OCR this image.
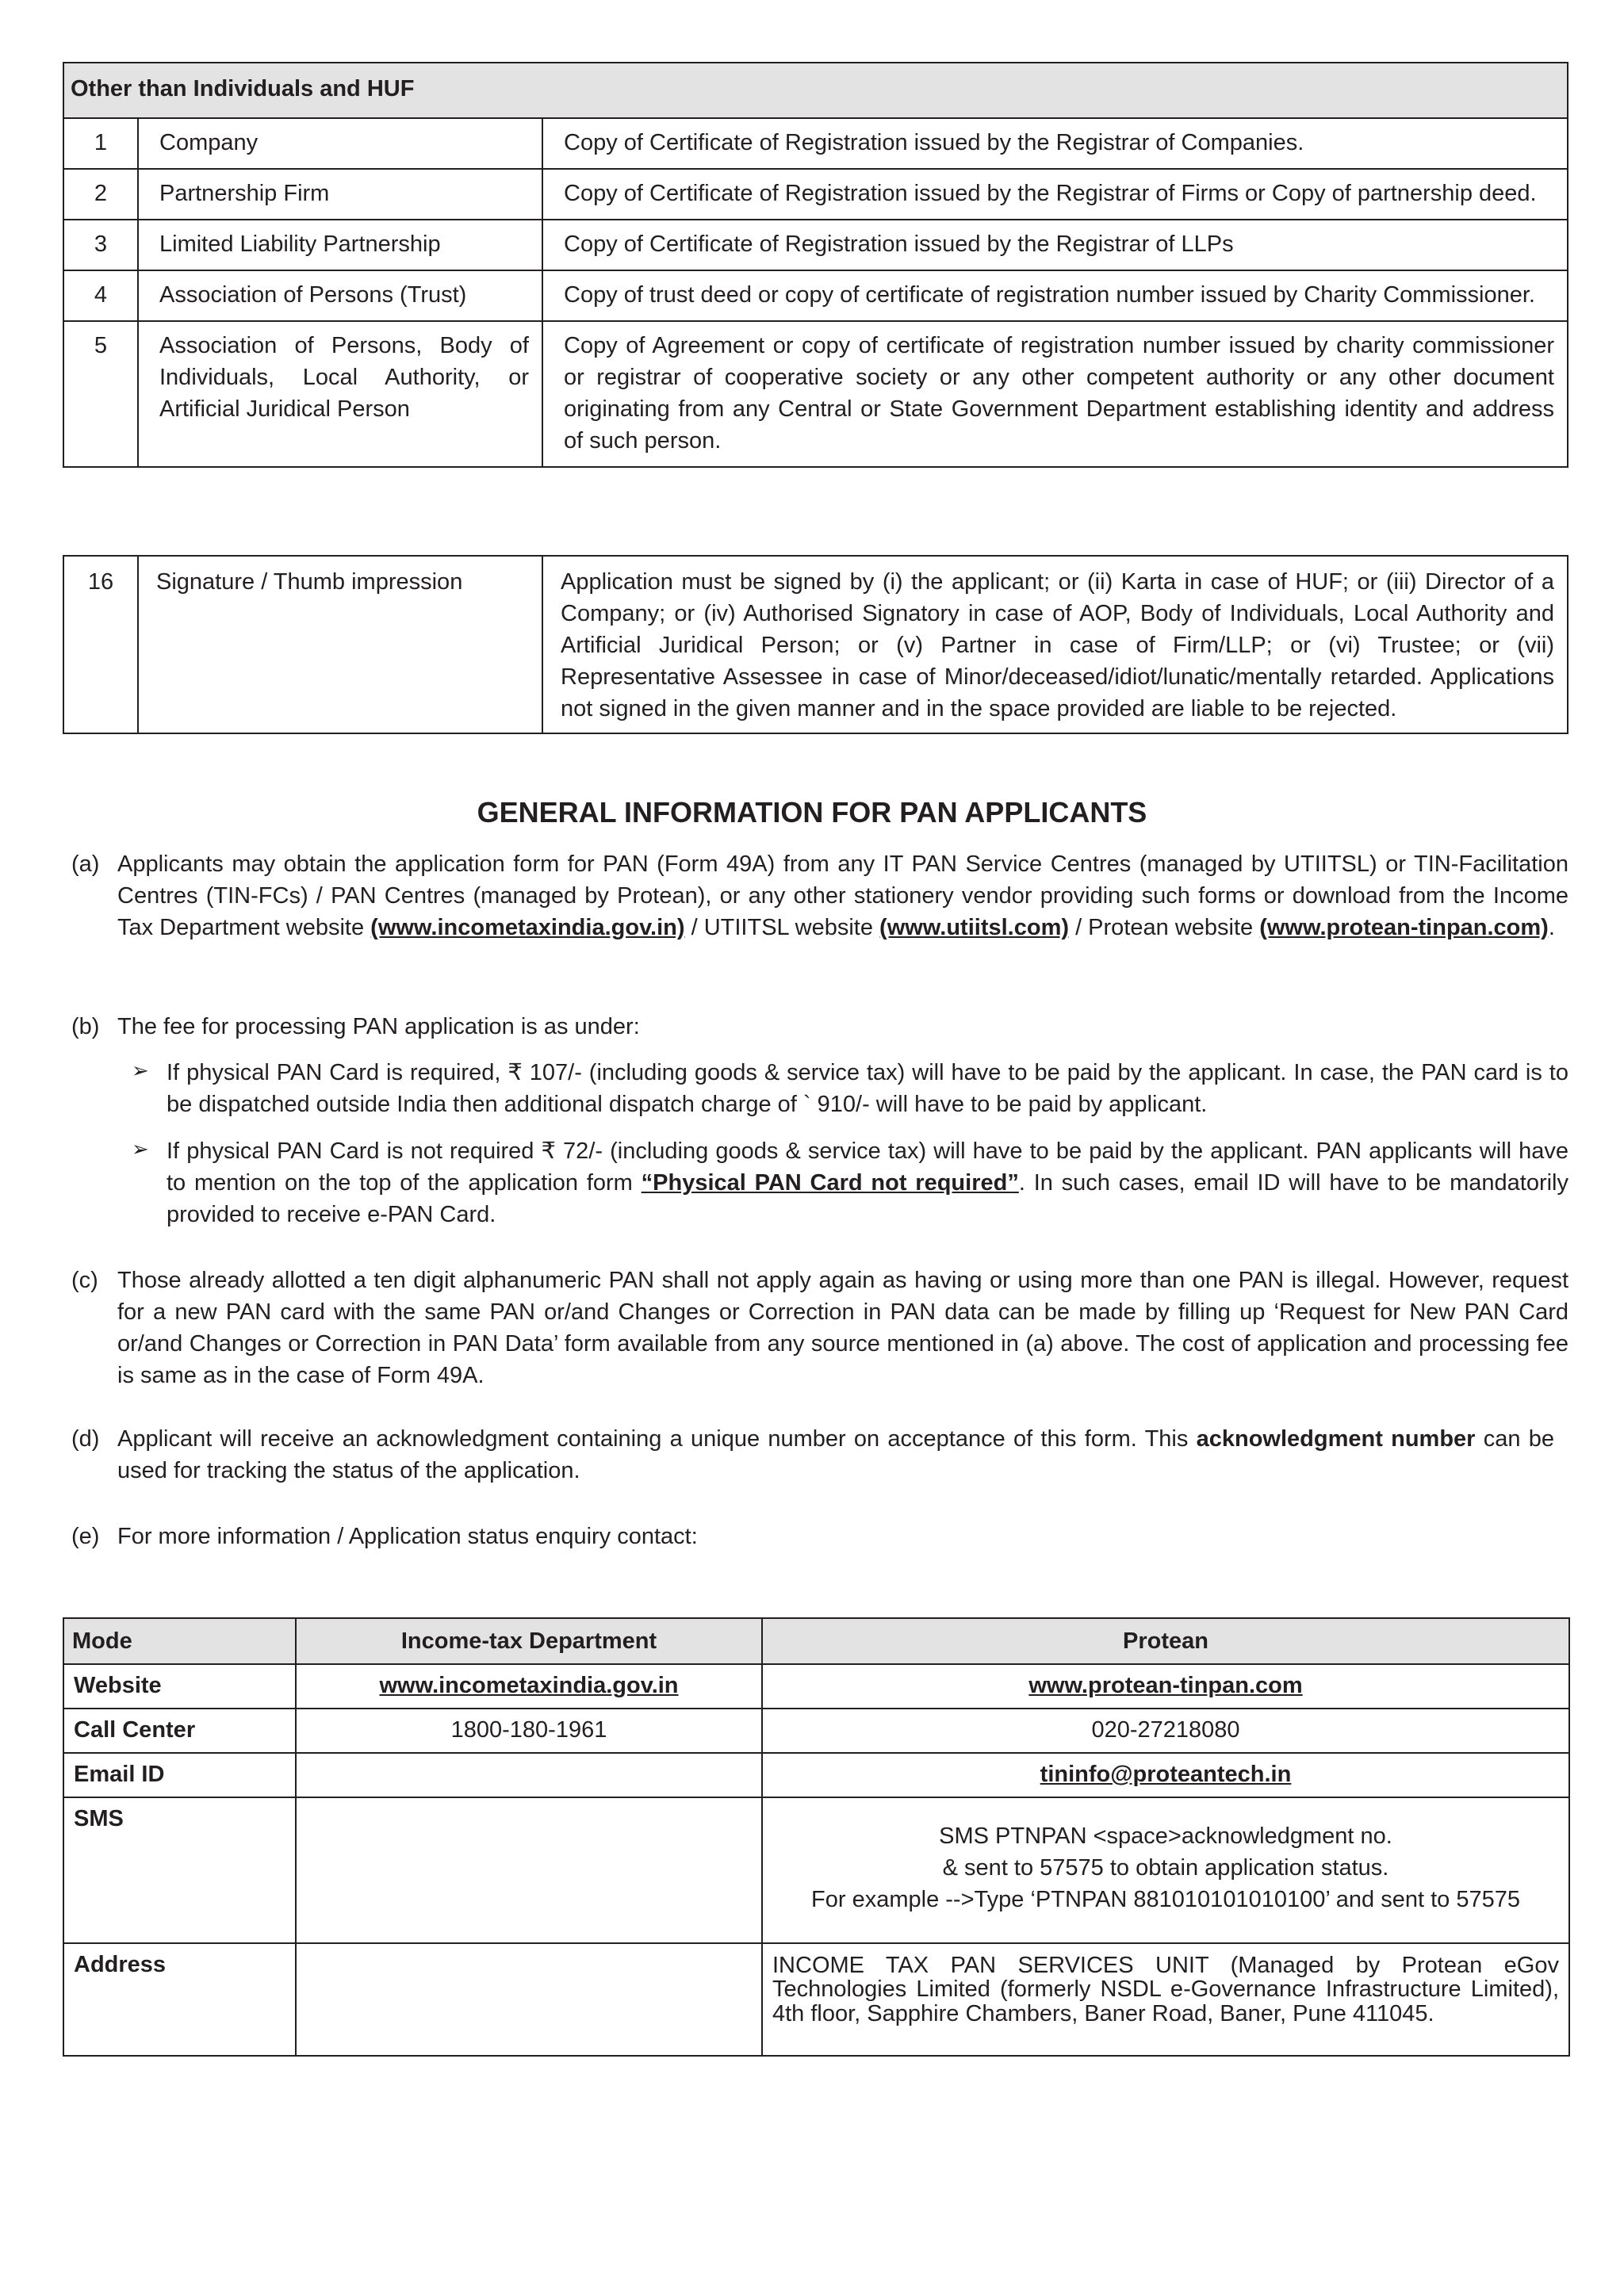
Other than Individuals and HUF		
1	Company	Copy of Certificate of Registration issued by the Registrar of Companies.
2	Partnership Firm	Copy of Certificate of Registration issued by the Registrar of Firms or Copy of partnership deed.
3	Limited Liability Partnership	Copy of Certificate of Registration issued by the Registrar of LLPs
4	Association of Persons (Trust)	Copy of trust deed or copy of certificate of registration number issued by Charity Commissioner.
5	Association of Persons, Body of Individuals, Local Authority, or Artificial Juridical Person	Copy of Agreement or copy of certificate of registration number issued by charity commissioner or registrar of cooperative society or any other competent authority or any other document originating from any Central or State Government Department establishing identity and address of such person.
16	Signature / Thumb impression	Application must be signed by (i) the applicant; or (ii) Karta in case of HUF; or (iii) Director of a Company; or (iv) Authorised Signatory in case of AOP, Body of Individuals, Local Authority and Artificial Juridical Person; or (v) Partner in case of Firm/LLP; or (vi) Trustee; or (vii) Representative Assessee in case of Minor/deceased/idiot/lunatic/mentally retarded. Applications not signed in the given manner and in the space provided are liable to be rejected.
GENERAL INFORMATION FOR PAN APPLICANTS
(a) Applicants may obtain the application form for PAN (Form 49A) from any IT PAN Service Centres (managed by UTIITSL) or TIN-Facilitation Centres (TIN-FCs) / PAN Centres (managed by Protean), or any other stationery vendor providing such forms or download from the Income Tax Department website (www.incometaxindia.gov.in) / UTIITSL website (www.utiitsl.com) / Protean website (www.protean-tinpan.com).
(b) The fee for processing PAN application is as under:
➢ If physical PAN Card is required, ₹ 107/- (including goods & service tax) will have to be paid by the applicant. In case, the PAN card is to be dispatched outside India then additional dispatch charge of ` 910/- will have to be paid by applicant.
➢ If physical PAN Card is not required ₹ 72/- (including goods & service tax) will have to be paid by the applicant. PAN applicants will have to mention on the top of the application form “Physical PAN Card not required”. In such cases, email ID will have to be mandatorily provided to receive e-PAN Card.
(c) Those already allotted a ten digit alphanumeric PAN shall not apply again as having or using more than one PAN is illegal. However, request for a new PAN card with the same PAN or/and Changes or Correction in PAN data can be made by filling up ‘Request for New PAN Card or/and Changes or Correction in PAN Data’ form available from any source mentioned in (a) above. The cost of application and processing fee is same as in the case of Form 49A.
(d) Applicant will receive an acknowledgment containing a unique number on acceptance of this form. This acknowledgment number can be used for tracking the status of the application.
(e) For more information / Application status enquiry contact:
Mode	Income-tax Department	Protean
Website	www.incometaxindia.gov.in	www.protean-tinpan.com
Call Center	1800-180-1961	020-27218080
Email ID		tininfo@proteantech.in
SMS		SMS PTNPAN <space>acknowledgment no.
& sent to 57575 to obtain application status.
For example -->Type ‘PTNPAN 881010101010100’ and sent to 57575

Address		INCOME TAX PAN SERVICES UNIT (Managed by Protean eGov Technologies Limited (formerly NSDL e-Governance Infrastructure Limited), 4th floor, Sapphire Chambers, Baner Road, Baner, Pune 411045.
